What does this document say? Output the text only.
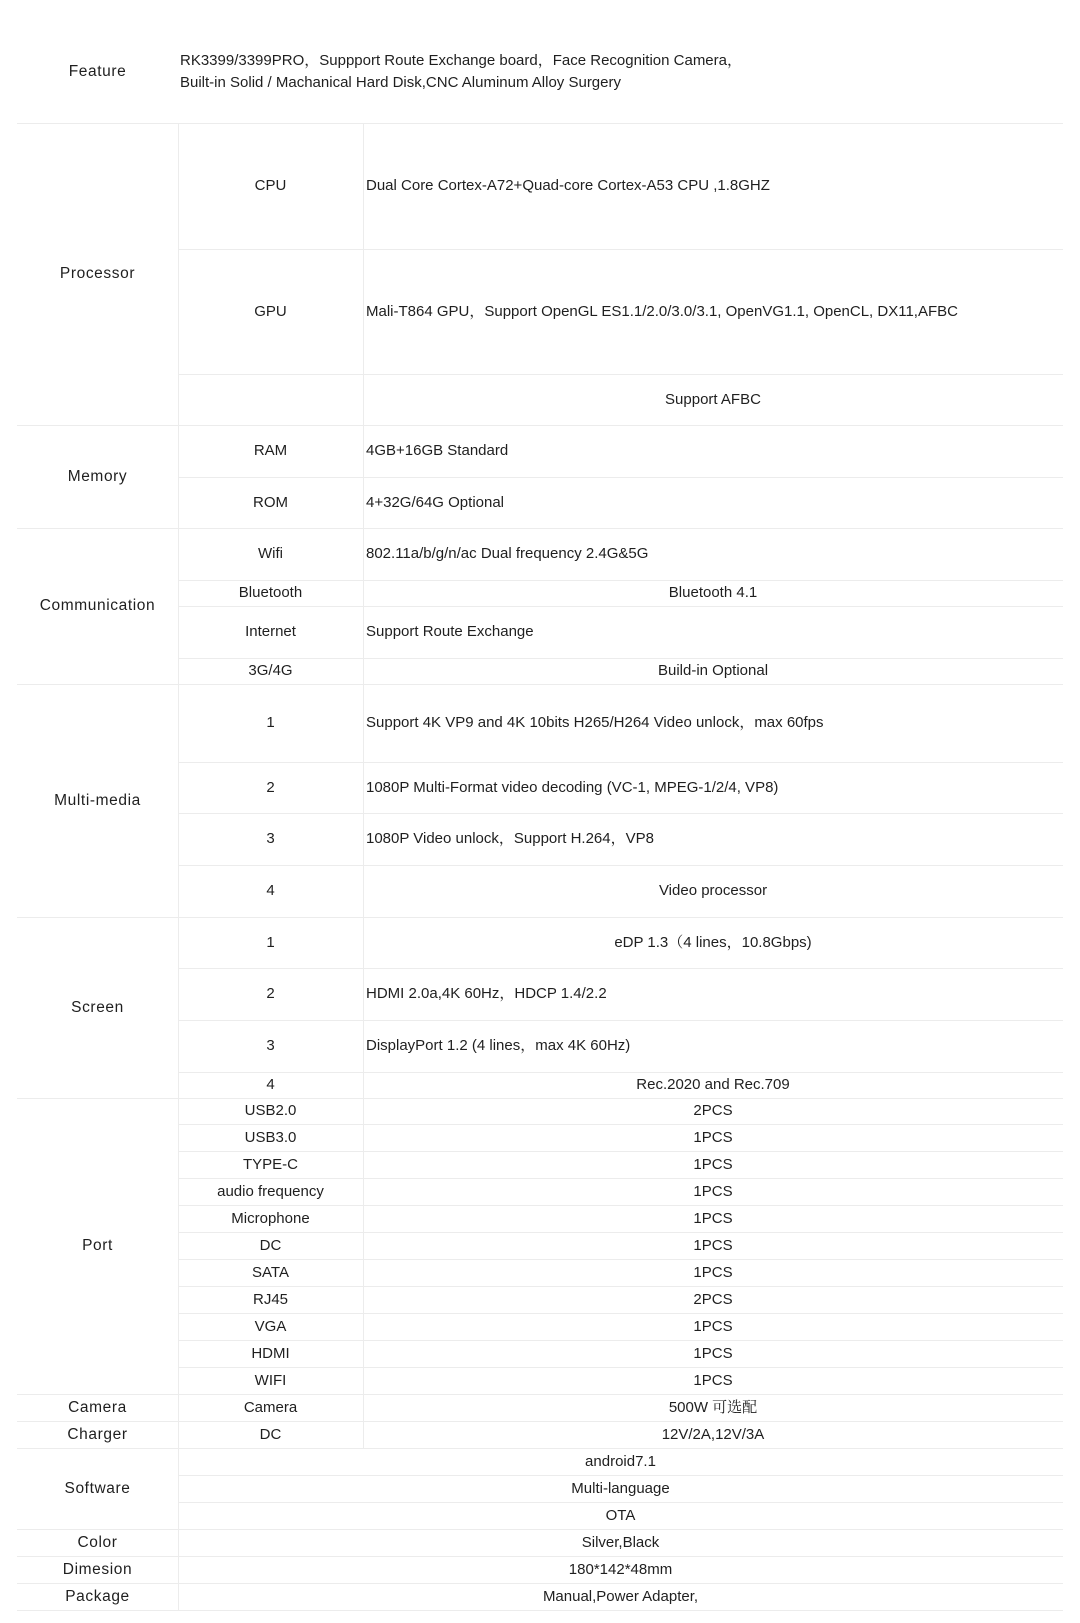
Feature
RK3399/3399PRO，Suppport Route Exchange board，Face Recognition Camera，
Built-in Solid / Machanical Hard Disk,CNC Aluminum Alloy Surgery
Processor
CPU	Dual Core Cortex-A72+Quad-core Cortex-A53 CPU ,1.8GHZ
GPU	Mali-T864 GPU，Support OpenGL ES1.1/2.0/3.0/3.1, OpenVG1.1, OpenCL, DX11,AFBC
Support AFBC
Memory
RAM	4GB+16GB Standard
ROM	4+32G/64G Optional
Communication
Wifi	802.11a/b/g/n/ac Dual frequency 2.4G&5G
Bluetooth	Bluetooth 4.1
Internet	Support Route Exchange
3G/4G	Build-in Optional
Multi-media
1	Support 4K VP9 and 4K 10bits H265/H264 Video unlock，max 60fps
2	1080P Multi-Format video decoding (VC-1, MPEG-1/2/4, VP8)
3	1080P Video unlock，Support H.264，VP8
4	Video processor
Screen
1	eDP 1.3（4 lines，10.8Gbps)
2	HDMI 2.0a,4K 60Hz，HDCP 1.4/2.2
3	DisplayPort 1.2 (4 lines，max 4K 60Hz)
4	Rec.2020 and Rec.709
Port
USB2.0	2PCS
USB3.0	1PCS
TYPE-C	1PCS
audio frequency	1PCS
Microphone	1PCS
DC	1PCS
SATA	1PCS
RJ45	2PCS
VGA	1PCS
HDMI	1PCS
WIFI	1PCS
Camera	Camera	500W 可选配
Charger	DC	12V/2A,12V/3A
Software
android7.1
Multi-language
OTA
Color	Silver,Black
Dimesion	180*142*48mm
Package	Manual,Power Adapter,
